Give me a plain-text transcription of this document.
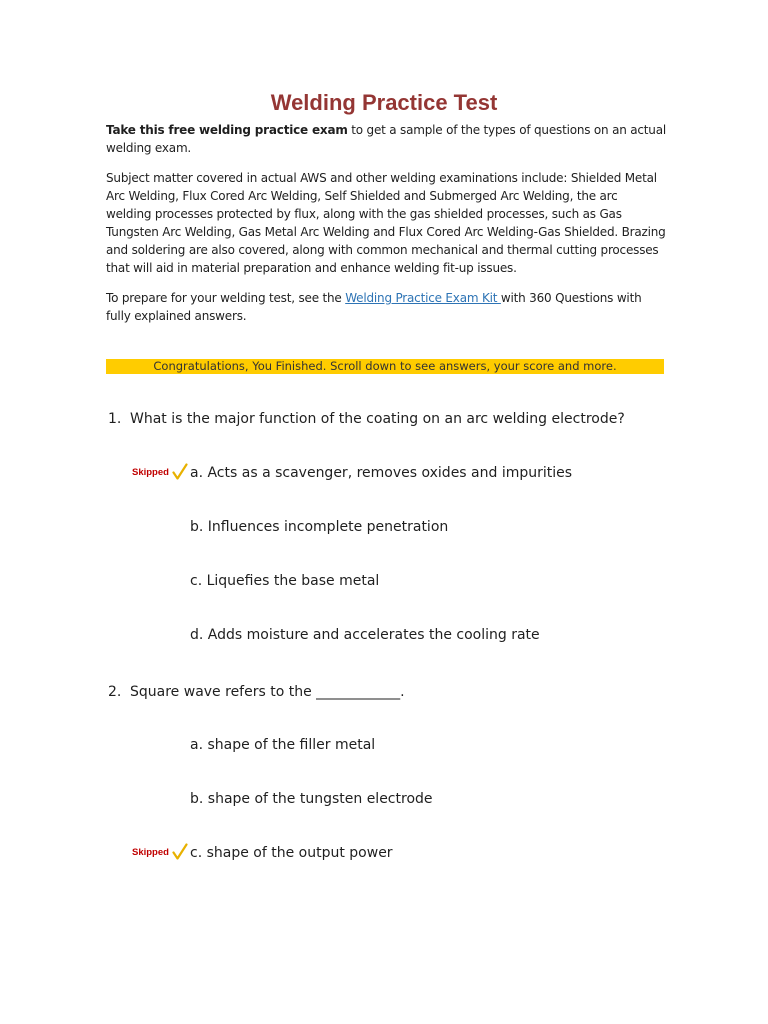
Welding Practice Test

Take this free welding practice exam to get a sample of the types of questions on an actual welding exam.

Subject matter covered in actual AWS and other welding examinations include: Shielded Metal Arc Welding, Flux Cored Arc Welding, Self Shielded and Submerged Arc Welding, the arc welding processes protected by flux, along with the gas shielded processes, such as Gas Tungsten Arc Welding, Gas Metal Arc Welding and Flux Cored Arc Welding-Gas Shielded. Brazing and soldering are also covered, along with common mechanical and thermal cutting processes that will aid in material preparation and enhance welding fit-up issues.

To prepare for your welding test, see the Welding Practice Exam Kit with 360 Questions with fully explained answers.

Congratulations, You Finished. Scroll down to see answers, your score and more.
1. What is the major function of the coating on an arc welding electrode?
Skipped a. Acts as a scavenger, removes oxides and impurities
b. Influences incomplete penetration
c. Liquefies the base metal
d. Adds moisture and accelerates the cooling rate
2. Square wave refers to the ____________.
a. shape of the filler metal
b. shape of the tungsten electrode
Skipped c. shape of the output power
